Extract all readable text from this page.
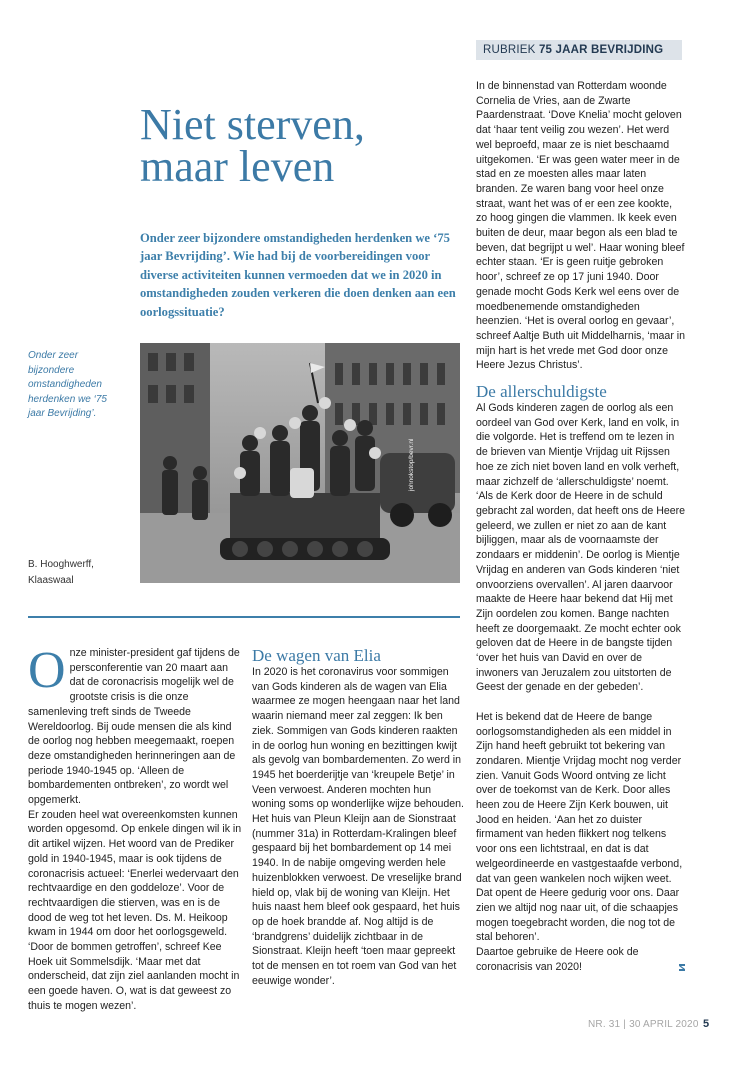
RUBRIEK 75 JAAR BEVRIJDING
Niet sterven,
maar leven

Onder zeer bijzondere omstandigheden herdenken we ‘75 jaar Bevrijding’. Wie had bij de voorbereidingen voor diverse activiteiten kunnen vermoeden dat we in 2020 in omstandigheden zouden verkeren die doen denken aan een oorlogssituatie?

Onder zeer bijzondere omstandigheden herdenken we ‘75 jaar Bevrijding’.

B. Hooghwerff,
Klaaswaal

johnokstop/bevr.nl

Onze minister-president gaf tijdens de persconferentie van 20 maart aan dat de coronacrisis mogelijk wel de grootste crisis is die onze samenleving treft sinds de Tweede Wereldoorlog. Bij oude mensen die als kind de oorlog nog hebben meegemaakt, roepen deze omstandigheden herinneringen aan de periode 1940-1945 op. ‘Alleen de bombardementen ontbreken’, zo wordt wel opgemerkt.

Er zouden heel wat overeenkomsten kunnen worden opgesomd. Op enkele dingen wil ik in dit artikel wijzen. Het woord van de Prediker gold in 1940-1945, maar is ook tijdens de coronacrisis actueel: ‘Enerlei wedervaart den rechtvaardige en den goddeloze’. Voor de rechtvaardigen die stierven, was en is de dood de weg tot het leven. Ds. M. Heikoop kwam in 1944 om door het oorlogsgeweld. ‘Door de bommen getroffen’, schreef Kee Hoek uit Sommelsdijk. ‘Maar met dat onderscheid, dat zijn ziel aanlanden mocht in een goede haven. O, wat is dat geweest zo thuis te mogen wezen’.

De wagen van Elia

In 2020 is het coronavirus voor sommigen van Gods kinderen als de wagen van Elia waarmee ze mogen heengaan naar het land waarin niemand meer zal zeggen: Ik ben ziek. Sommigen van Gods kinderen raakten in de oorlog hun woning en bezittingen kwijt als gevolg van bombardementen. Zo werd in 1945 het boerderijtje van ‘kreupele Betje’ in Veen verwoest. Anderen mochten hun woning soms op wonderlijke wijze behouden. Het huis van Pleun Kleijn aan de Sionstraat (nummer 31a) in Rotterdam-Kralingen bleef gespaard bij het bombardement op 14 mei 1940. In de nabije omgeving werden hele huizenblokken verwoest. De vreselijke brand hield op, vlak bij de woning van Kleijn. Het huis naast hem bleef ook gespaard, het huis op de hoek brandde af. Nog altijd is de ‘brandgrens’ duidelijk zichtbaar in de Sionstraat. Kleijn heeft ‘toen maar gepreekt tot de mensen en tot roem van God van het eeuwige wonder’.

In de binnenstad van Rotterdam woonde Cornelia de Vries, aan de Zwarte Paardenstraat. ‘Dove Knelia’ mocht geloven dat ‘haar tent veilig zou wezen’. Het werd wel beproefd, maar ze is niet beschaamd uitgekomen. ‘Er was geen water meer in de stad en ze moesten alles maar laten branden. Ze waren bang voor heel onze straat, want het was of er een zee kookte, zo hoog gingen die vlammen. Ik keek even buiten de deur, maar begon als een blad te beven, dat begrijpt u wel’. Haar woning bleef echter staan. ‘Er is geen ruitje gebroken hoor’, schreef ze op 17 juni 1940. Door genade mocht Gods Kerk wel eens over de moedbenemende omstandigheden heenzien. ‘Het is overal oorlog en gevaar’, schreef Aaltje Buth uit Middelharnis, ‘maar in mijn hart is het vrede met God door onze Heere Jezus Christus’.

De allerschuldigste

Al Gods kinderen zagen de oorlog als een oordeel van God over Kerk, land en volk, in die volgorde. Het is treffend om te lezen in de brieven van Mientje Vrijdag uit Rijssen hoe ze zich niet boven land en volk verheft, maar zichzelf de ‘allerschuldigste’ noemt. ‘Als de Kerk door de Heere in de schuld gebracht zal worden, dat heeft ons de Heere geleerd, we zullen er niet zo aan de kant bijliggen, maar als de voornaamste der zondaars er middenin’. De oorlog is Mientje Vrijdag en anderen van Gods kinderen ‘niet onvoorziens overvallen’. Al jaren daarvoor maakte de Heere haar bekend dat Hij met Zijn oordelen zou komen. Bange nachten heeft ze doorgemaakt. Ze mocht echter ook geloven dat de Heere in de bangste tijden ‘over het huis van David en over de inwoners van Jeruzalem zou uitstorten de Geest der genade en der gebeden’.

Het is bekend dat de Heere de bange oorlogsomstandigheden als een middel in Zijn hand heeft gebruikt tot bekering van zondaren. Mientje Vrijdag mocht nog verder zien. Vanuit Gods Woord ontving ze licht over de toekomst van de Kerk. Door alles heen zou de Heere Zijn Kerk bouwen, uit Jood en heiden. ‘Aan het zo duister firmament van heden flikkert nog telkens voor ons een lichtstraal, en dat is dat welgeordineerde en vastgestaafde verbond, dat van geen wankelen noch wijken weet. Dat opent de Heere gedurig voor ons. Daar zien we altijd nog naar uit, of die schaapjes mogen toegebracht worden, die nog tot de stal behoren’.

Daartoe gebruike de Heere ook de coronacrisis van 2020!

NR. 31 | 30 APRIL 2020 5
